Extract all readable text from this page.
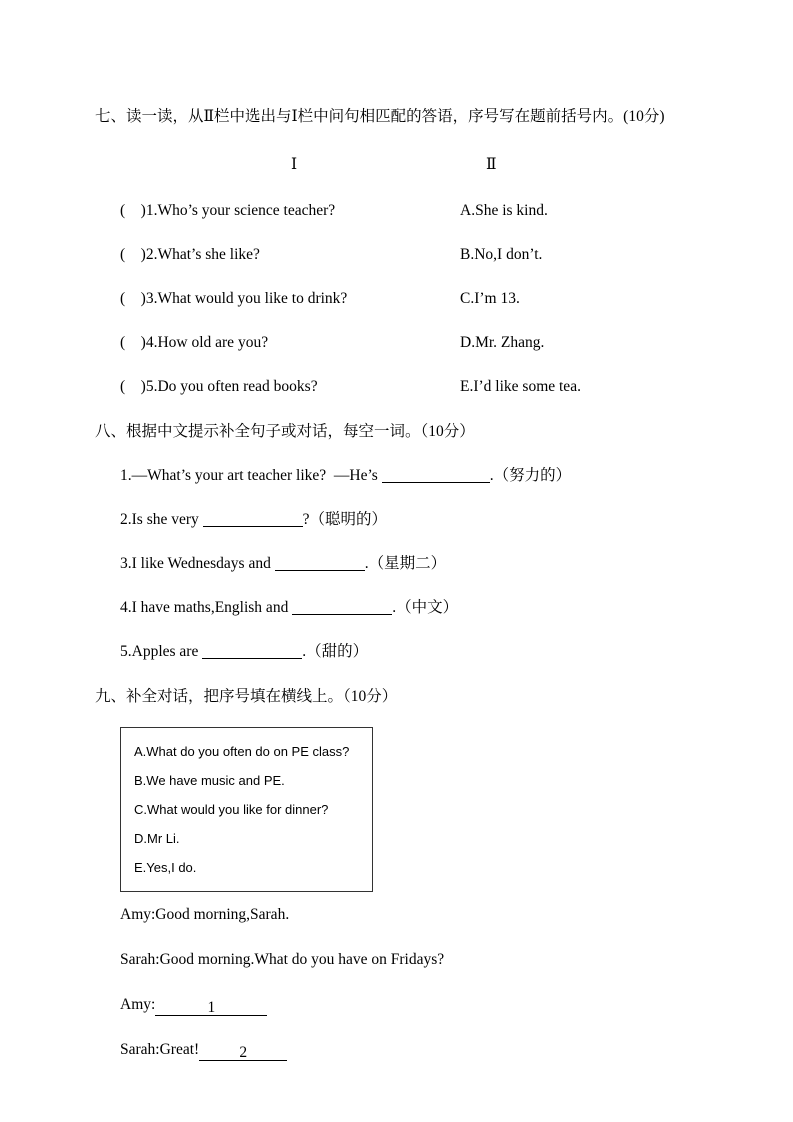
七、读一读，从Ⅱ栏中选出与Ⅰ栏中问句相匹配的答语，序号写在题前括号内。(10分)
Ⅰ	Ⅱ
(    )1.Who’s your science teacher?	A.She is kind.
(    )2.What’s she like?	B.No,I don’t.
(    )3.What would you like to drink?	C.I’m 13.
(    )4.How old are you?	D.Mr. Zhang.
(    )5.Do you often read books?	E.I’d like some tea.
八、根据中文提示补全句子或对话，每空一词。（10分）
1.—What’s your art teacher like?  —He’s	.（努力的）
2.Is she very	?（聪明的）
3.I like Wednesdays and	.（星期二）
4.I have maths,English and	.（中文）
5.Apples are	.（甜的）
九、补全对话，把序号填在横线上。（10分）
A.What do you often do on PE class?
B.We have music and PE.
C.What would you like for dinner?
D.Mr Li.
E.Yes,I do.
Amy:Good morning,Sarah.
Sarah:Good morning.What do you have on Fridays?
Amy:	1
Sarah:Great!	2
